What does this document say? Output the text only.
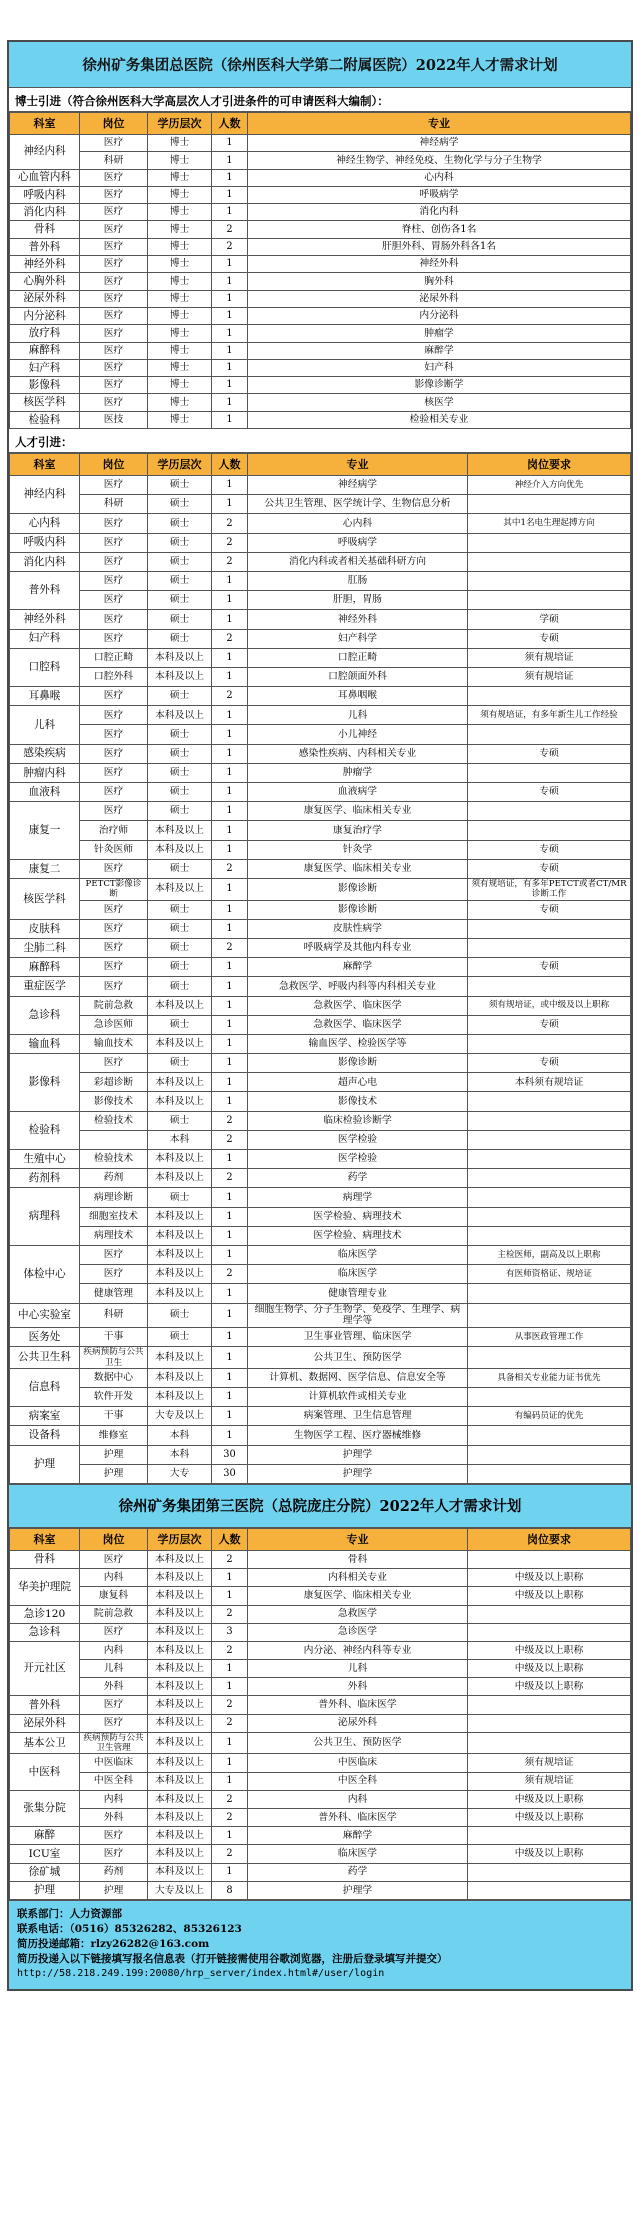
徐州矿务集团总医院（徐州医科大学第二附属医院）2022年人才需求计划
博士引进（符合徐州医科大学高层次人才引进条件的可申请医科大编制）：
科室	岗位	学历层次	人数	专业
神经内科	医疗	博士	1	神经病学
	科研	博士	1	神经生物学、神经免疫、生物化学与分子生物学
心血管内科	医疗	博士	1	心内科
呼吸内科	医疗	博士	1	呼吸病学
消化内科	医疗	博士	1	消化内科
骨科	医疗	博士	2	脊柱、创伤各1名
普外科	医疗	博士	2	肝胆外科、胃肠外科各1名
神经外科	医疗	博士	1	神经外科
心胸外科	医疗	博士	1	胸外科
泌尿外科	医疗	博士	1	泌尿外科
内分泌科	医疗	博士	1	内分泌科
放疗科	医疗	博士	1	肿瘤学
麻醉科	医疗	博士	1	麻醉学
妇产科	医疗	博士	1	妇产科
影像科	医疗	博士	1	影像诊断学
核医学科	医疗	博士	1	核医学
检验科	医技	博士	1	检验相关专业
人才引进：
科室	岗位	学历层次	人数	专业	岗位要求
神经内科	医疗	硕士	1	神经病学	神经介入方向优先
	科研	硕士	1	公共卫生管理、医学统计学、生物信息分析	
心内科	医疗	硕士	2	心内科	其中1名电生理起搏方向
呼吸内科	医疗	硕士	2	呼吸病学	
消化内科	医疗	硕士	2	消化内科或者相关基础科研方向	
普外科	医疗	硕士	1	肛肠	
	医疗	硕士	1	肝胆，胃肠	
神经外科	医疗	硕士	1	神经外科	学硕
妇产科	医疗	硕士	2	妇产科学	专硕
口腔科	口腔正畸	本科及以上	1	口腔正畸	须有规培证
	口腔外科	本科及以上	1	口腔颌面外科	须有规培证
耳鼻喉	医疗	硕士	2	耳鼻咽喉	
儿科	医疗	本科及以上	1	儿科	须有规培证，有多年新生儿工作经验
	医疗	硕士	1	小儿神经	
感染疾病	医疗	硕士	1	感染性疾病、内科相关专业	专硕
肿瘤内科	医疗	硕士	1	肿瘤学	
血液科	医疗	硕士	1	血液病学	专硕
康复一	医疗	硕士	1	康复医学、临床相关专业	
	治疗师	本科及以上	1	康复治疗学	
	针灸医师	本科及以上	1	针灸学	专硕
康复二	医疗	硕士	2	康复医学、临床相关专业	专硕
核医学科	PETCT影像诊断	本科及以上	1	影像诊断	须有规培证，有多年PETCT或者CT/MR诊断工作
	医疗	硕士	1	影像诊断	专硕
皮肤科	医疗	硕士	1	皮肤性病学	
尘肺二科	医疗	硕士	2	呼吸病学及其他内科专业	
麻醉科	医疗	硕士	1	麻醉学	专硕
重症医学	医疗	硕士	1	急救医学、呼吸内科等内科相关专业	
急诊科	院前急救	本科及以上	1	急救医学、临床医学	须有规培证，或中级及以上职称
	急诊医师	硕士	1	急救医学、临床医学	专硕
输血科	输血技术	本科及以上	1	输血医学、检验医学等	
影像科	医疗	硕士	1	影像诊断	专硕
	彩超诊断	本科及以上	1	超声心电	本科须有规培证
	影像技术	本科及以上	1	影像技术	
检验科	检验技术	硕士	2	临床检验诊断学	
		本科	2	医学检验	
生殖中心	检验技术	本科及以上	1	医学检验	
药剂科	药剂	本科及以上	2	药学	
病理科	病理诊断	硕士	1	病理学	
	细胞室技术	本科及以上	1	医学检验、病理技术	
	病理技术	本科及以上	1	医学检验、病理技术	
体检中心	医疗	本科及以上	1	临床医学	主检医师，副高及以上职称
	医疗	本科及以上	2	临床医学	有医师资格证、规培证
	健康管理	本科及以上	1	健康管理专业	
中心实验室	科研	硕士	1	细胞生物学、分子生物学、免疫学、生理学、病理学等	
医务处	干事	硕士	1	卫生事业管理、临床医学	从事医政管理工作
公共卫生科	疾病预防与公共卫生	本科及以上	1	公共卫生、预防医学	
信息科	数据中心	本科及以上	1	计算机、数据网、医学信息、信息安全等	具备相关专业能力证书优先
	软件开发	本科及以上	1	计算机软件或相关专业	
病案室	干事	大专及以上	1	病案管理、卫生信息管理	有编码员证的优先
设备科	维修室	本科	1	生物医学工程、医疗器械维修	
护理	护理	本科	30	护理学	
	护理	大专	30	护理学	
徐州矿务集团第三医院（总院庞庄分院）2022年人才需求计划
科室	岗位	学历层次	人数	专业	岗位要求
骨科	医疗	本科及以上	2	骨科	
华美护理院	内科	本科及以上	1	内科相关专业	中级及以上职称
	康复科	本科及以上	1	康复医学、临床相关专业	中级及以上职称
急诊120	院前急救	本科及以上	2	急救医学	
急诊科	医疗	本科及以上	3	急诊医学	
开元社区	内科	本科及以上	2	内分泌、神经内科等专业	中级及以上职称
	儿科	本科及以上	1	儿科	中级及以上职称
	外科	本科及以上	1	外科	中级及以上职称
普外科	医疗	本科及以上	2	普外科、临床医学	
泌尿外科	医疗	本科及以上	2	泌尿外科	
基本公卫	疾病预防与公共卫生管理	本科及以上	1	公共卫生、预防医学	
中医科	中医临床	本科及以上	1	中医临床	须有规培证
	中医全科	本科及以上	1	中医全科	须有规培证
张集分院	内科	本科及以上	2	内科	中级及以上职称
	外科	本科及以上	2	普外科、临床医学	中级及以上职称
麻醉	医疗	本科及以上	1	麻醉学	
ICU室	医疗	本科及以上	2	临床医学	中级及以上职称
徐矿城	药剂	本科及以上	1	药学	
护理	护理	大专及以上	8	护理学	
联系部门：人力资源部
联系电话：（0516）85326282、85326123
简历投递邮箱：rlzy26282@163.com
简历投递入以下链接填写报名信息表（打开链接需使用谷歌浏览器，注册后登录填写并提交）
http://58.218.249.199:20080/hrp_server/index.html#/user/login
